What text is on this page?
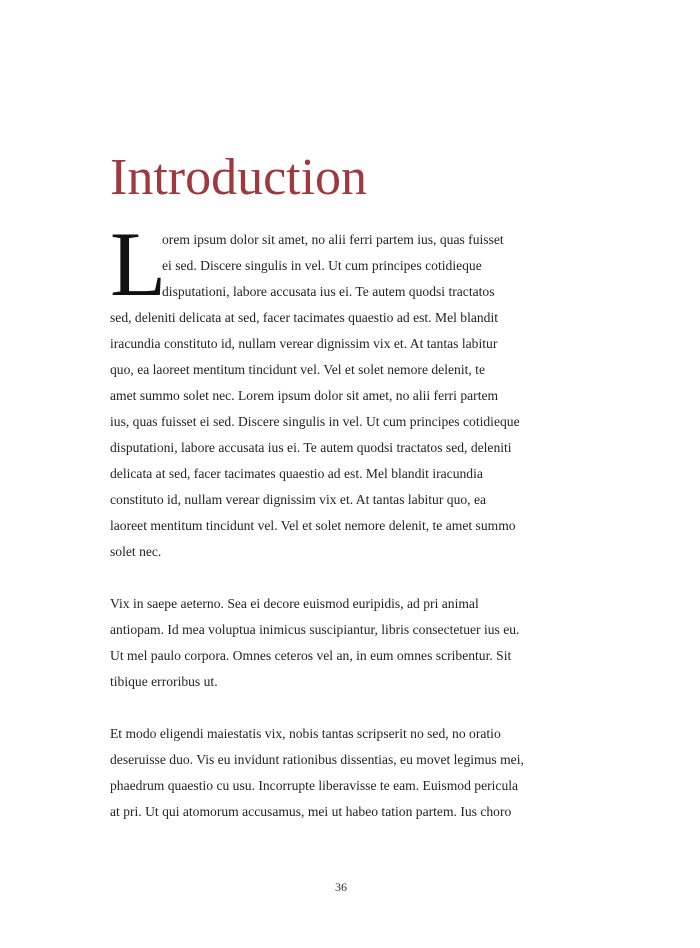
Introduction
L
orem ipsum dolor sit amet, no alii ferri partem ius, quas fuisset
ei sed. Discere singulis in vel. Ut cum principes cotidieque
disputationi, labore accusata ius ei. Te autem quodsi tractatos
sed, deleniti delicata at sed, facer tacimates quaestio ad est. Mel blandit
iracundia constituto id, nullam verear dignissim vix et. At tantas labitur
quo, ea laoreet mentitum tincidunt vel. Vel et solet nemore delenit, te
amet summo solet nec. Lorem ipsum dolor sit amet, no alii ferri partem
ius, quas fuisset ei sed. Discere singulis in vel. Ut cum principes cotidieque
disputationi, labore accusata ius ei. Te autem quodsi tractatos sed, deleniti
delicata at sed, facer tacimates quaestio ad est. Mel blandit iracundia
constituto id, nullam verear dignissim vix et. At tantas labitur quo, ea
laoreet mentitum tincidunt vel. Vel et solet nemore delenit, te amet summo
solet nec.
Vix in saepe aeterno. Sea ei decore euismod euripidis, ad pri animal
antiopam. Id mea voluptua inimicus suscipiantur, libris consectetuer ius eu.
Ut mel paulo corpora. Omnes ceteros vel an, in eum omnes scribentur. Sit
tibique erroribus ut.
Et modo eligendi maiestatis vix, nobis tantas scripserit no sed, no oratio
deseruisse duo. Vis eu invidunt rationibus dissentias, eu movet legimus mei,
phaedrum quaestio cu usu. Incorrupte liberavisse te eam. Euismod pericula
at pri. Ut qui atomorum accusamus, mei ut habeo tation partem. Ius choro
36
